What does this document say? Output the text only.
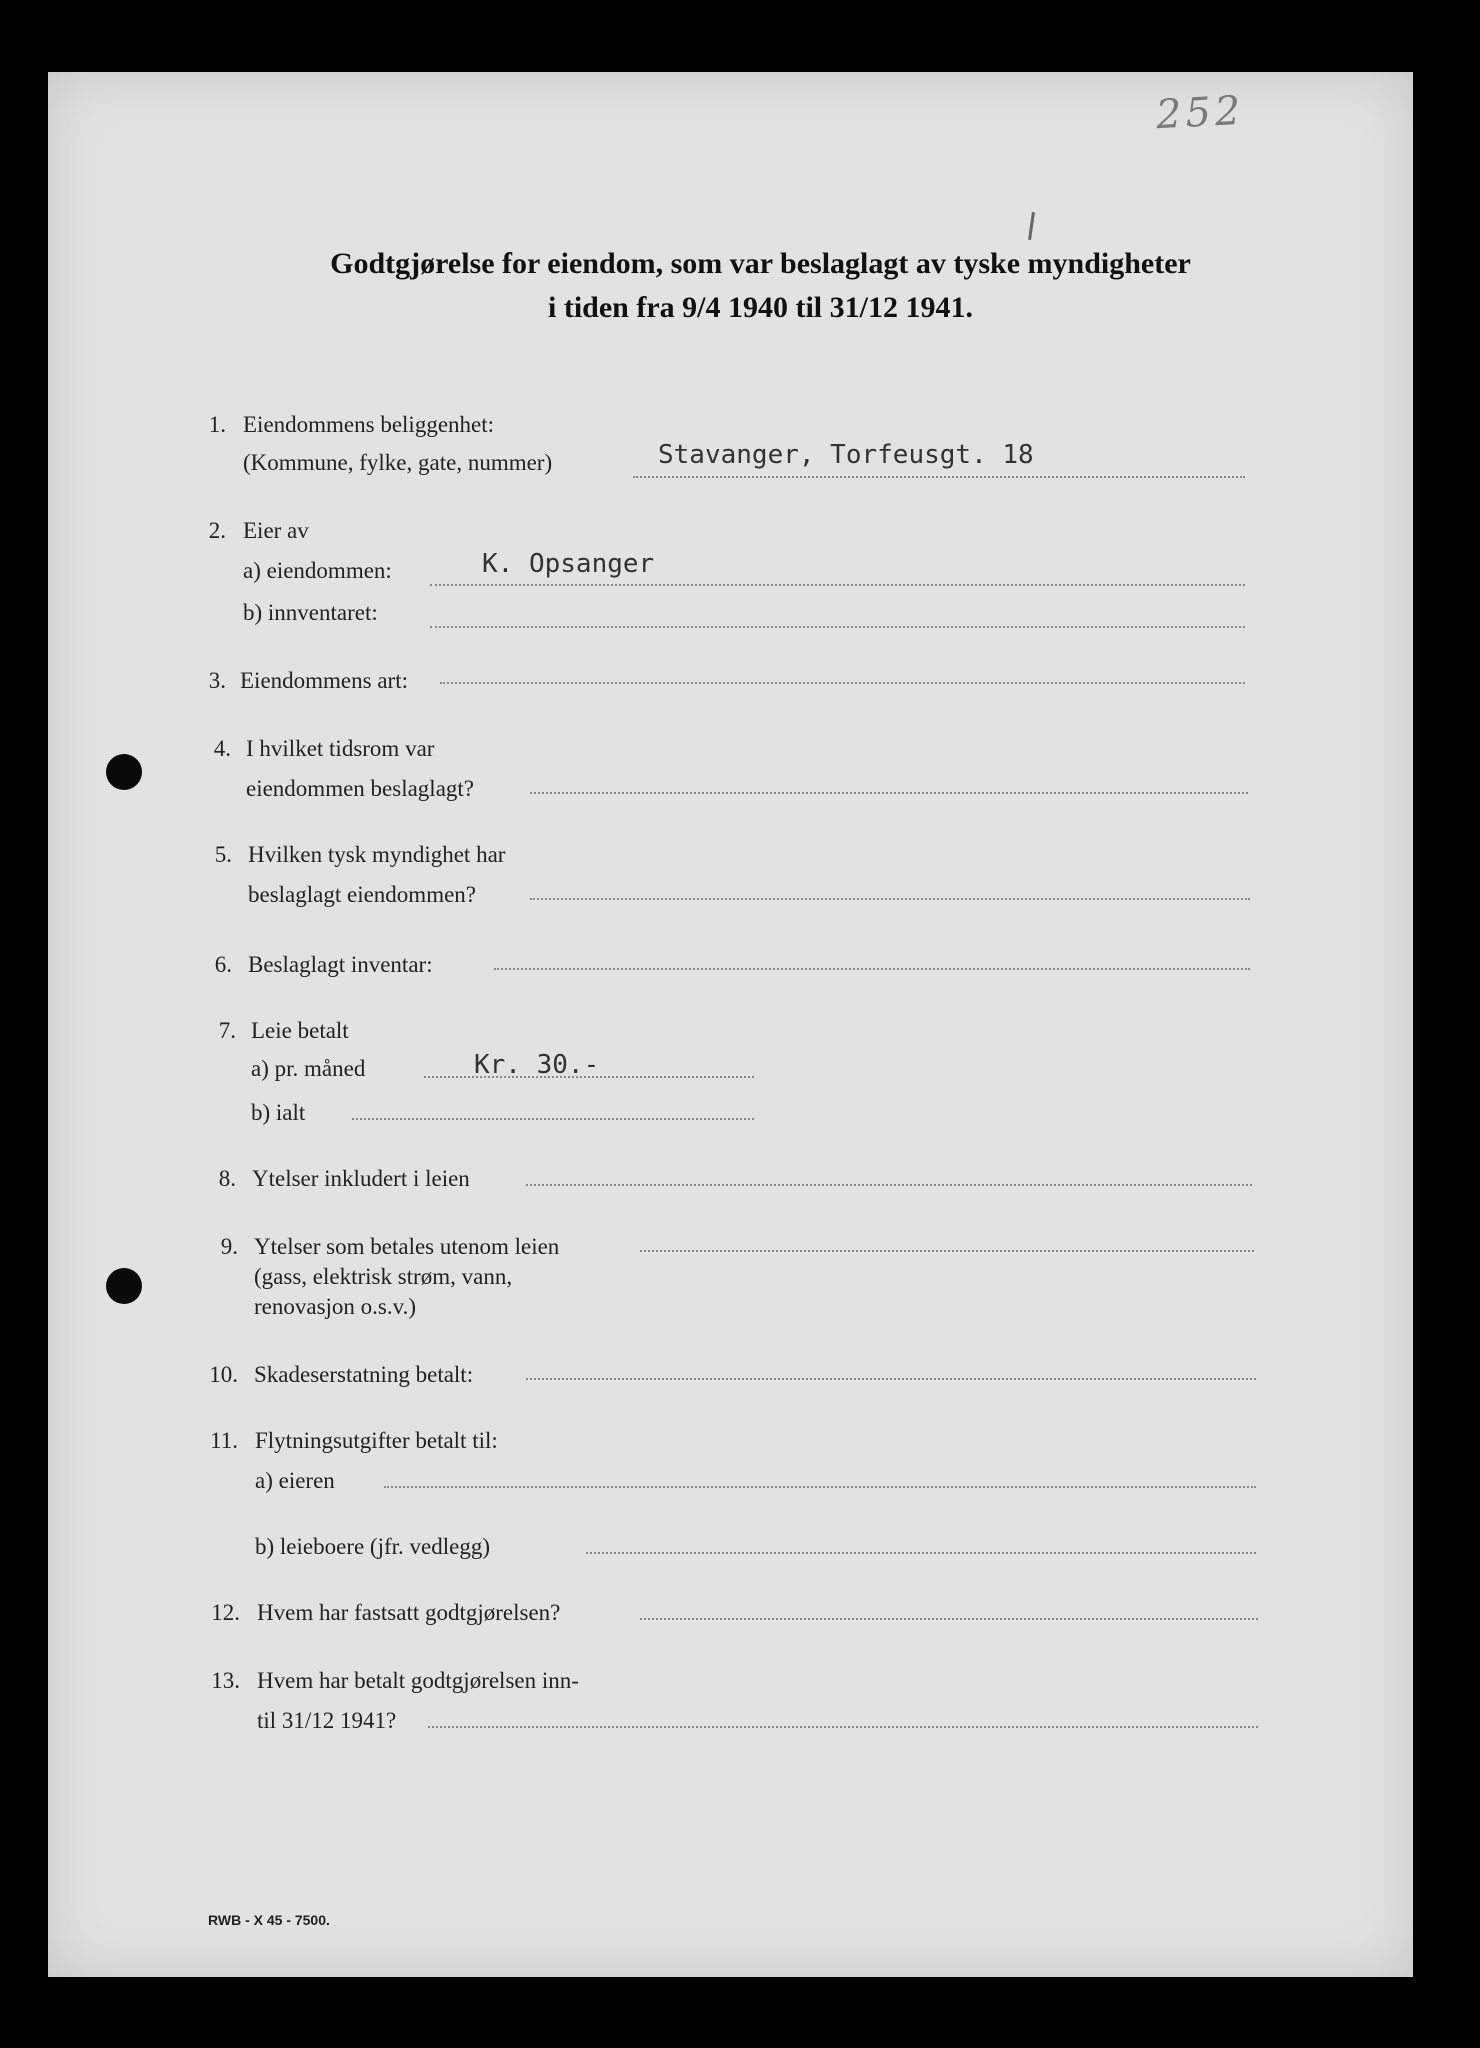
252
Godtgjørelse for eiendom, som var beslaglagt av tyske myndigheter
i tiden fra 9/4 1940 til 31/12 1941.
1. Eiendommens beliggenhet:
(Kommune, fylke, gate, nummer)	Stavanger, Torfeusgt. 18
2. Eier av
a) eiendommen:	K. Opsanger
b) innventaret:
3. Eiendommens art:
4. I hvilket tidsrom var
eiendommen beslaglagt?
5. Hvilken tysk myndighet har
beslaglagt eiendommen?
6. Beslaglagt inventar:
7. Leie betalt
a) pr. måned	Kr. 30.-
b) ialt
8. Ytelser inkludert i leien
9. Ytelser som betales utenom leien
(gass, elektrisk strøm, vann,
renovasjon o.s.v.)
10. Skadeserstatning betalt:
11. Flytningsutgifter betalt til:
a) eieren
b) leieboere (jfr. vedlegg)
12. Hvem har fastsatt godtgjørelsen?
13. Hvem har betalt godtgjørelsen inn-
til 31/12 1941?
RWB - X 45 - 7500.
